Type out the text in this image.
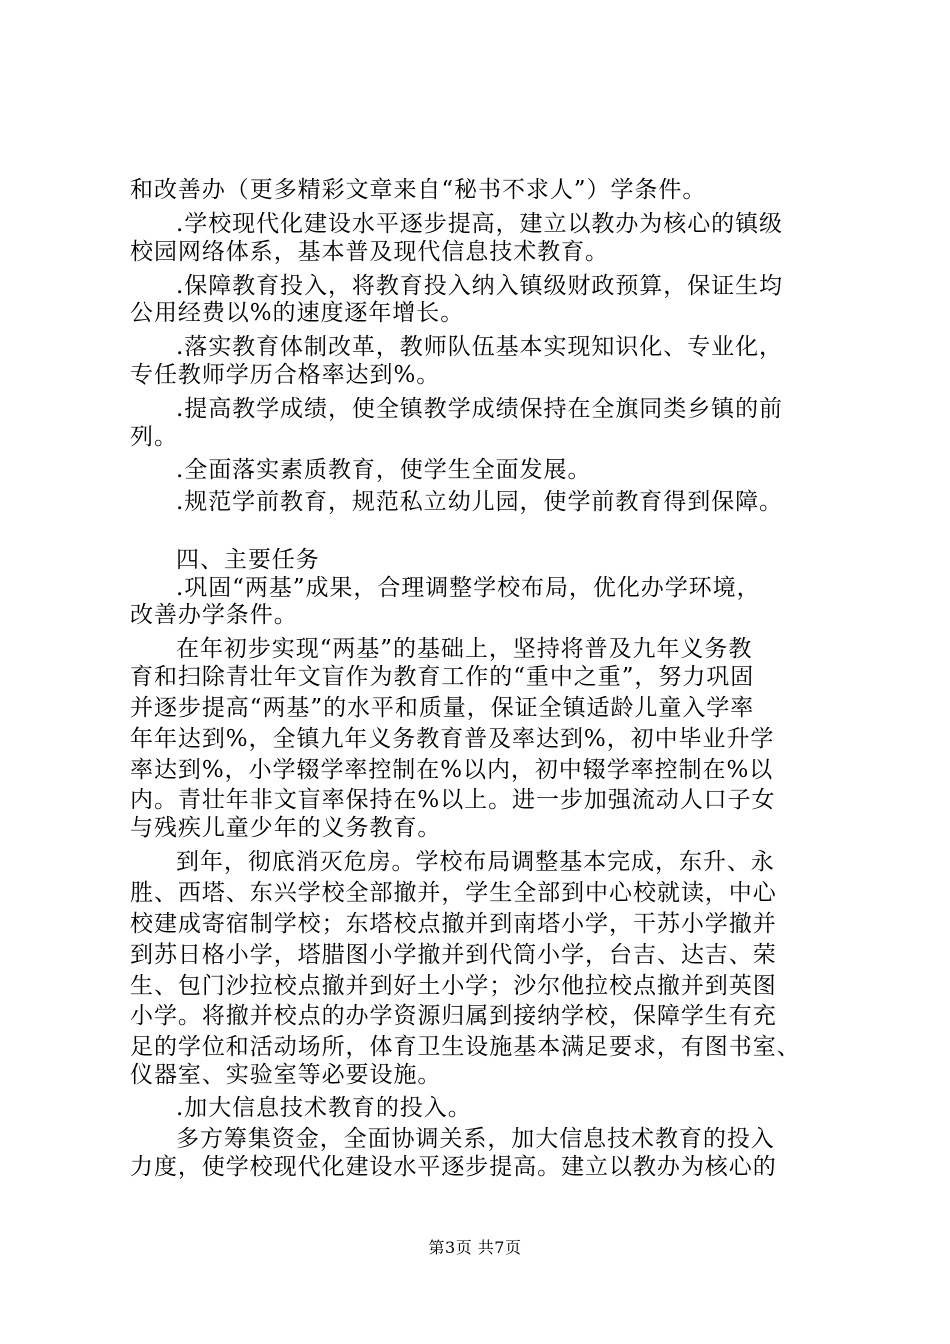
和改善办（更多精彩文章来自“秘书不求人”）学条件。
.学校现代化建设水平逐步提高，建立以教办为核心的镇级
校园网络体系，基本普及现代信息技术教育。
.保障教育投入，将教育投入纳入镇级财政预算，保证生均
公用经费以%的速度逐年增长。
.落实教育体制改革，教师队伍基本实现知识化、专业化，
专任教师学历合格率达到%。
.提高教学成绩，使全镇教学成绩保持在全旗同类乡镇的前
列。
.全面落实素质教育，使学生全面发展。
.规范学前教育，规范私立幼儿园，使学前教育得到保障。
四、主要任务
.巩固“两基”成果，合理调整学校布局，优化办学环境，
改善办学条件。
在年初步实现“两基”的基础上，坚持将普及九年义务教
育和扫除青壮年文盲作为教育工作的“重中之重”，努力巩固
并逐步提高“两基”的水平和质量，保证全镇适龄儿童入学率
年年达到%，全镇九年义务教育普及率达到%，初中毕业升学
率达到%，小学辍学率控制在%以内，初中辍学率控制在%以
内。青壮年非文盲率保持在%以上。进一步加强流动人口子女
与残疾儿童少年的义务教育。
到年，彻底消灭危房。学校布局调整基本完成，东升、永
胜、西塔、东兴学校全部撤并，学生全部到中心校就读，中心
校建成寄宿制学校；东塔校点撤并到南塔小学，干苏小学撤并
到苏日格小学，塔腊图小学撤并到代筒小学，台吉、达吉、荣
生、包门沙拉校点撤并到好土小学；沙尔他拉校点撤并到英图
小学。将撤并校点的办学资源归属到接纳学校，保障学生有充
足的学位和活动场所，体育卫生设施基本满足要求，有图书室、
仪器室、实验室等必要设施。
.加大信息技术教育的投入。
多方筹集资金，全面协调关系，加大信息技术教育的投入
力度，使学校现代化建设水平逐步提高。建立以教办为核心的
第3页 共7页
